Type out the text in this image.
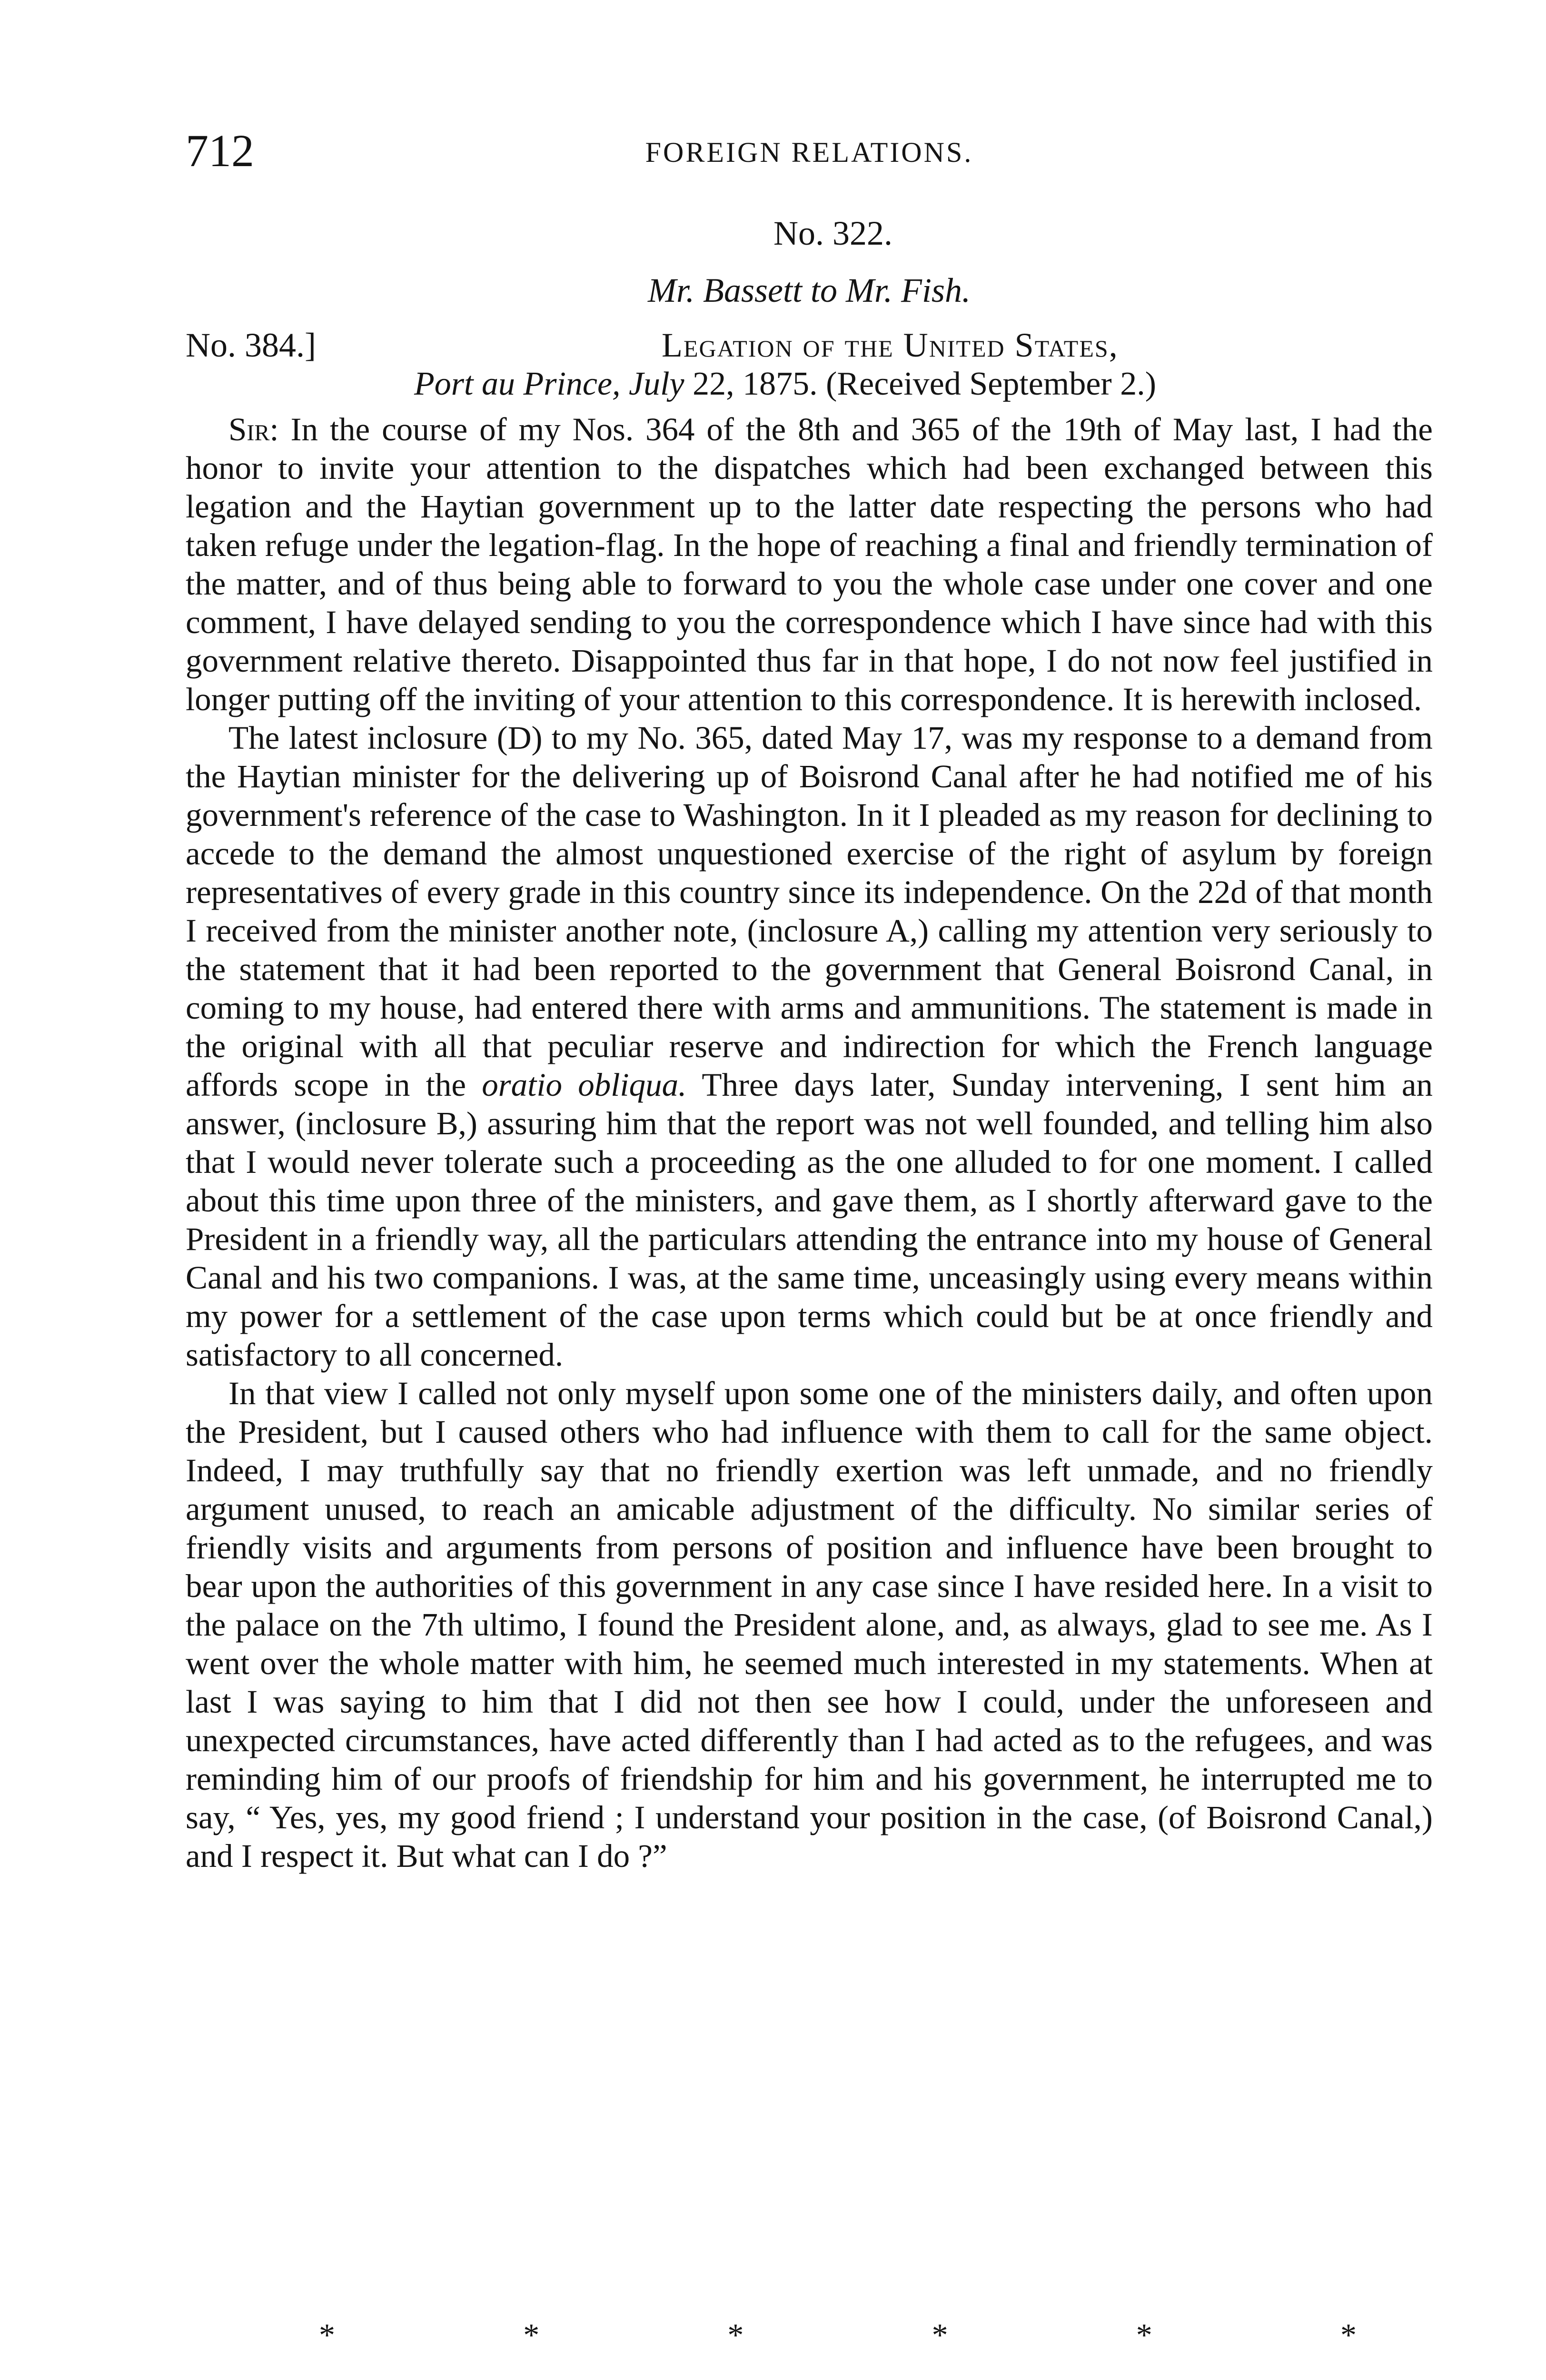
712	FOREIGN RELATIONS.
No. 322.
Mr. Bassett to Mr. Fish.
No. 384.]	Legation of the United States,
Port au Prince, July 22, 1875. (Received September 2.)

Sir: In the course of my Nos. 364 of the 8th and 365 of the 19th of May last, I had the honor to invite your attention to the dispatches which had been exchanged between this legation and the Haytian government up to the latter date respecting the persons who had taken refuge under the legation-flag. In the hope of reaching a final and friendly termination of the matter, and of thus being able to forward to you the whole case under one cover and one comment, I have delayed sending to you the correspondence which I have since had with this government relative thereto. Disappointed thus far in that hope, I do not now feel justified in longer putting off the inviting of your attention to this correspondence. It is herewith inclosed.

The latest inclosure (D) to my No. 365, dated May 17, was my response to a demand from the Haytian minister for the delivering up of Boisrond Canal after he had notified me of his government's reference of the case to Washington. In it I pleaded as my reason for declining to accede to the demand the almost unquestioned exercise of the right of asylum by foreign representatives of every grade in this country since its independence. On the 22d of that month I received from the minister another note, (inclosure A,) calling my attention very seriously to the statement that it had been reported to the government that General Boisrond Canal, in coming to my house, had entered there with arms and ammunitions. The statement is made in the original with all that peculiar reserve and indirection for which the French language affords scope in the oratio obliqua. Three days later, Sunday intervening, I sent him an answer, (inclosure B,) assuring him that the report was not well founded, and telling him also that I would never tolerate such a proceeding as the one alluded to for one moment. I called about this time upon three of the ministers, and gave them, as I shortly afterward gave to the President in a friendly way, all the particulars attending the entrance into my house of General Canal and his two companions. I was, at the same time, unceasingly using every means within my power for a settlement of the case upon terms which could but be at once friendly and satisfactory to all concerned.

In that view I called not only myself upon some one of the ministers daily, and often upon the President, but I caused others who had influence with them to call for the same object. Indeed, I may truthfully say that no friendly exertion was left unmade, and no friendly argument unused, to reach an amicable adjustment of the difficulty. No similar series of friendly visits and arguments from persons of position and influence have been brought to bear upon the authorities of this government in any case since I have resided here. In a visit to the palace on the 7th ultimo, I found the President alone, and, as always, glad to see me. As I went over the whole matter with him, he seemed much interested in my statements. When at last I was saying to him that I did not then see how I could, under the unforeseen and unexpected circumstances, have acted differently than I had acted as to the refugees, and was reminding him of our proofs of friendship for him and his government, he interrupted me to say, “ Yes, yes, my good friend ; I understand your position in the case, (of Boisrond Canal,) and I respect it. But what can I do ?”

*	*	*	*	*	*
